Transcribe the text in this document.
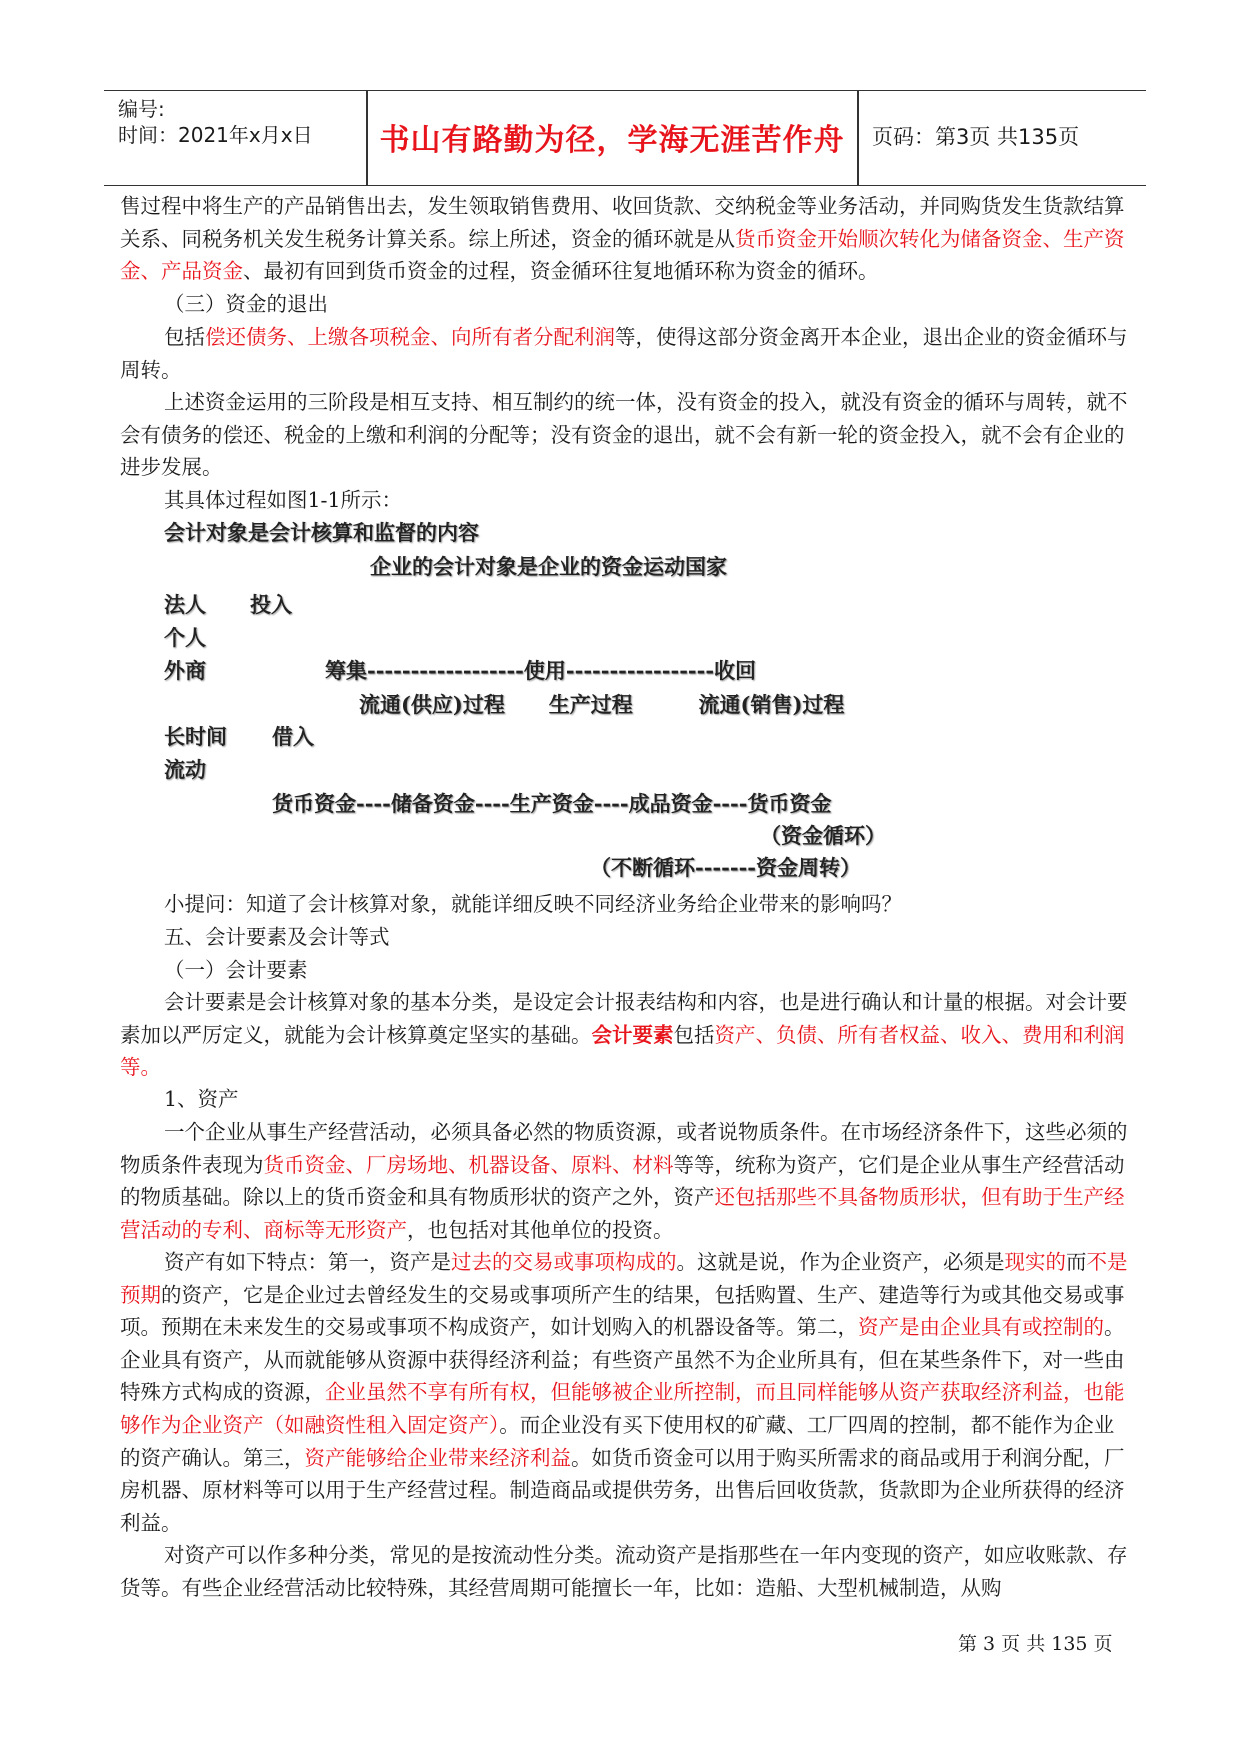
编号:
时间：2021年x月x日	书山有路勤为径，学海无涯苦作舟	页码：第3页 共135页

售过程中将生产的产品销售出去，发生领取销售费用、收回货款、交纳税金等业务活动，并同购货发生货款结算关系、同税务机关发生税务计算关系。综上所述，资金的循环就是从货币资金开始顺次转化为储备资金、生产资金、产品资金、最初有回到货币资金的过程，资金循环往复地循环称为资金的循环。

（三）资金的退出

包括偿还债务、上缴各项税金、向所有者分配利润等，使得这部分资金离开本企业，退出企业的资金循环与周转。

上述资金运用的三阶段是相互支持、相互制约的统一体，没有资金的投入，就没有资金的循环与周转，就不会有债务的偿还、税金的上缴和利润的分配等；没有资金的退出，就不会有新一轮的资金投入，就不会有企业的进步发展。

其具体过程如图1-1所示：

会计对象是会计核算和监督的内容
企业的会计对象是企业的资金运动国家
法人 投入
个人
外商	筹集------------------使用-----------------收回
流通(供应)过程      生产过程         流通(销售)过程
长时间 借入
流动
货币资金----储备资金----生产资金----成品资金----货币资金
（资金循环）
（不断循环-------资金周转）

小提问：知道了会计核算对象，就能详细反映不同经济业务给企业带来的影响吗？

五、会计要素及会计等式

（一）会计要素

会计要素是会计核算对象的基本分类，是设定会计报表结构和内容，也是进行确认和计量的根据。对会计要素加以严厉定义，就能为会计核算奠定坚实的基础。会计要素包括资产、负债、所有者权益、收入、费用和利润等。

1、资产

一个企业从事生产经营活动，必须具备必然的物质资源，或者说物质条件。在市场经济条件下，这些必须的物质条件表现为货币资金、厂房场地、机器设备、原料、材料等等，统称为资产，它们是企业从事生产经营活动的物质基础。除以上的货币资金和具有物质形状的资产之外，资产还包括那些不具备物质形状，但有助于生产经营活动的专利、商标等无形资产，也包括对其他单位的投资。

资产有如下特点：第一，资产是过去的交易或事项构成的。这就是说，作为企业资产，必须是现实的而不是预期的资产，它是企业过去曾经发生的交易或事项所产生的结果，包括购置、生产、建造等行为或其他交易或事项。预期在未来发生的交易或事项不构成资产，如计划购入的机器设备等。第二，资产是由企业具有或控制的。企业具有资产，从而就能够从资源中获得经济利益；有些资产虽然不为企业所具有，但在某些条件下，对一些由特殊方式构成的资源，企业虽然不享有所有权，但能够被企业所控制，而且同样能够从资产获取经济利益，也能够作为企业资产（如融资性租入固定资产）。而企业没有买下使用权的矿藏、工厂四周的控制，都不能作为企业的资产确认。第三，资产能够给企业带来经济利益。如货币资金可以用于购买所需求的商品或用于利润分配，厂房机器、原材料等可以用于生产经营过程。制造商品或提供劳务，出售后回收货款，货款即为企业所获得的经济利益。

对资产可以作多种分类，常见的是按流动性分类。流动资产是指那些在一年内变现的资产，如应收账款、存货等。有些企业经营活动比较特殊，其经营周期可能擅长一年，比如：造船、大型机械制造，从购

第 3 页 共 135 页
